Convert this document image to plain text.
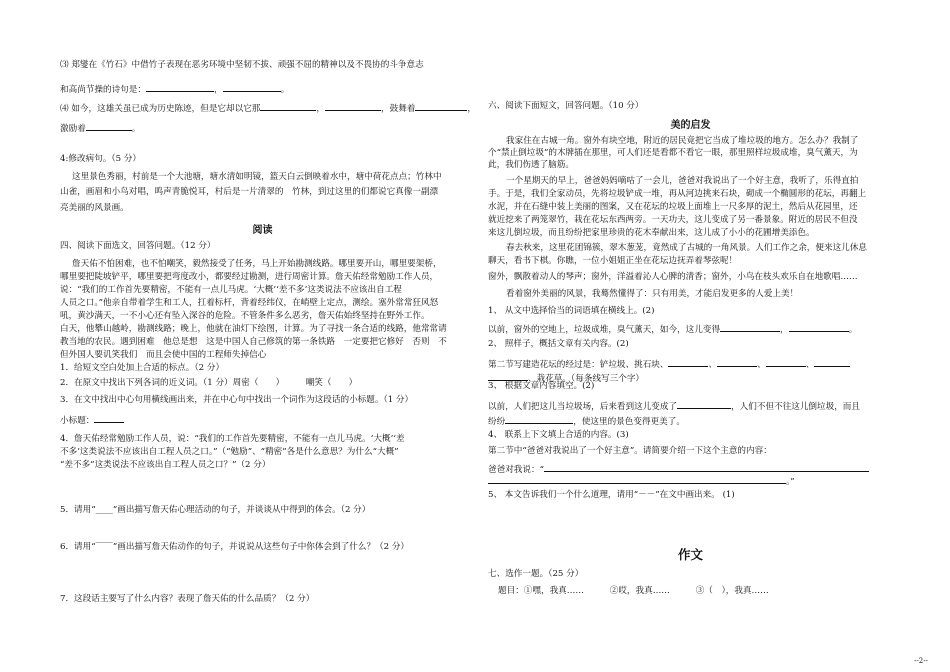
⑶ 郑燮在《竹石》中借竹子表现在恶劣环境中坚韧不拔、顽强不屈的精神以及不畏协的斗争意志
和高尚节操的诗句是：	，	。
⑷ 如今，这雄关虽已成为历史陈迹，但是它却以它那	，	，鼓舞着	，
激励着	。
4:修改病句。（5 分）
这里景色秀丽，村前是一个大池塘，塘水清如明镜，篮天白云倒映着水中，塘中荷花点点；竹林中
山雀，画眉和小鸟对唱，鸣声青脆悦耳，村后是一片清翠的　竹林，到过这里的们都说它真像一副漂
亮美丽的风景画。
阅读
四、阅读下面选文，回答问题。（12 分）
詹天佑不怕困难，也不怕嘲笑，毅然接受了任务，马上开始勘测线路。哪里要开山，哪里要架桥，
哪里要把陡坡铲平，哪里要把弯度改小，都要经过勘测，进行周密计算。詹天佑经常勉励工作人员，
说：“我们的工作首先要精密，不能有一点儿马虎。‘大概’‘差不多’这类说法不应该出自工程
人员之口。”他亲自带着学生和工人，扛着标杆，背着经纬仪，在峭壁上定点，测绘。塞外常常狂风怒
吼，黄沙满天，一不小心还有坠入深谷的危险。不管条件多么恶劣，詹天佑始终坚持在野外工作。
白天，他攀山越岭，勘测线路；晚上，他就在油灯下绘图，计算。为了寻找一条合适的线路，他常常请
教当地的农民。遇到困难　他总是想　这是中国人自己修筑的第一条铁路　一定要把它修好　否则　不
但外国人要讥笑我们　而且会使中国的工程师失掉信心
1．给短文空白处加上合适的标点。（2 分）
2．在原文中找出下列各词的近义词。（1 分）周密（　　）　　　嘲笑（　　）
3．在文中找出中心句用横线画出来，并在中心句中找出一个词作为这段话的小标题。（1 分）
小标题：
4．詹天佑经常勉励工作人员，说：“我们的工作首先要精密，不能有一点儿马虎。‘大概’‘差
不多’这类说法不应该出自工程人员之口。”（“勉励”、“精密”各是什么意思？为什么“大概”
“差不多”这类说法不应该出自工程人员之口？”（2 分）
5．请用“____”画出描写詹天佑心理活动的句子，并谈谈从中得到的体会。（2 分）
6．请用“‾‾‾‾”画出描写詹天佑动作的句子，并说说从这些句子中你体会到了什么？（2 分）
7．这段话主要写了什么内容？表现了詹天佑的什么品质？（2 分）
六、阅读下面短文，回答问题。（10 分）
美的启发
我家住在古城一角。窗外有块空地，附近的居民竟把它当成了堆垃圾的地方。怎么办？我制了
个“禁止倒垃圾”的木牌插在那里，可人们还是看都不看它一眼，那里照样垃圾成堆，臭气薰天，为
此，我们伤透了脑筋。
一个星期天的早上，爸爸妈妈嘀咕了一会儿，爸爸对我说出了一个好主意，我听了，乐得直拍
手。于是，我们全家动员，先将垃圾铲成一堆，再从河边挑来石块，砌成一个椭圆形的花坛，再翻上
水泥，并在石缝中装上美丽的图案，又在花坛的垃圾上面堆上一尺多厚的泥土，然后从花园里，还
就近挖来了两笼翠竹，栽在花坛东西两旁。一天功夫，这儿变成了另一番景象。附近的居民不但没
来这儿倒垃圾，而且纷纷把家里珍贵的花木奉献出来，这儿成了小小的花圃增美添色。
春去秋来，这里花团锦簇，翠木葱茏，竟然成了古城的一角风景。人们工作之余，便来这儿休息
聊天，看书下棋。你瞧，一位小姐姐正坐在花坛边抚弄着琴弦呢！
窗外，飘散着动人的琴声；窗外，洋溢着沁人心脾的清香；窗外，小鸟在枝头欢乐自在地歌唱……
看着窗外美丽的风景，我蓦然懂得了：只有用美，才能启发更多的人爱上美！
1、 从文中选择恰当的词语填在横线上。(2)
以前，窗外的空地上，垃圾成堆，臭气薰天，如今，这儿变得	，	。
2、 照样子，概括文章有关内容。(2)
第二节写建造花坛的经过是：铲垃圾、挑石块、	、	、	、
、栽花草。（每条线写三个字）
3、 根据文章内容填空。(2)
以前，人们把这儿当垃圾场，后来看到这儿变成了	，人们不但不往这儿倒垃圾，而且
纷纷	，使这里的景色变得更美了。
4、 联系上下文填上合适的内容。(3)
第二节中“爸爸对我说出了一个好主意”。请简要介绍一下这个主意的内容：
爸爸对我说：“
。”
5、 本文告诉我们一个什么道理，请用“－－”在文中画出来。 (1)
作文
七、选作一题。（25 分）
题目：①嘿，我真……　　　②哎，我真……　　　③（　），我真……
--2--
